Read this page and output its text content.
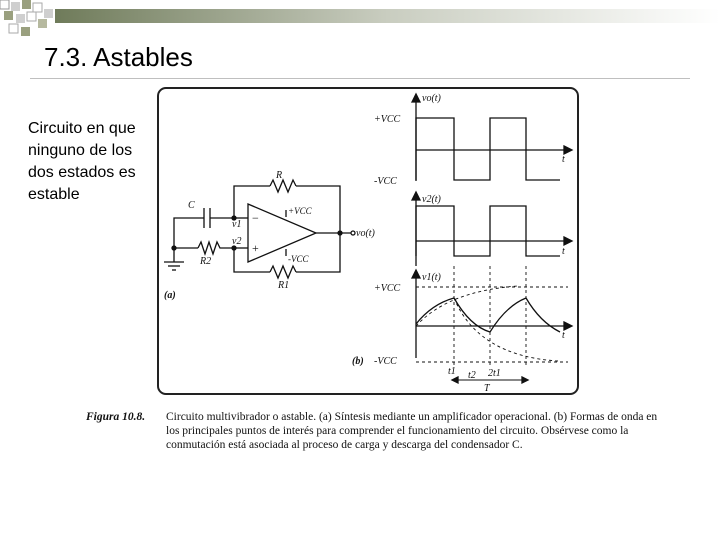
7.3. Astables
Circuito en que ninguno de los dos estados es estable
C
R
R2
R1
v1
v2
vo(t)
+VCC
-VCC
−
+
(a)
vo(t)
+VCC
-VCC
t
v2(t)
t
v1(t)
+VCC
-VCC
t
t1 t2 2t1
T
(b)
Figura 10.8. Circuito multivibrador o astable. (a) Síntesis mediante un amplificador operacional. (b) Formas de onda en los principales puntos de interés para comprender el funcionamiento del circuito. Obsérvese como la conmutación está asociada al proceso de carga y descarga del condensador C.
